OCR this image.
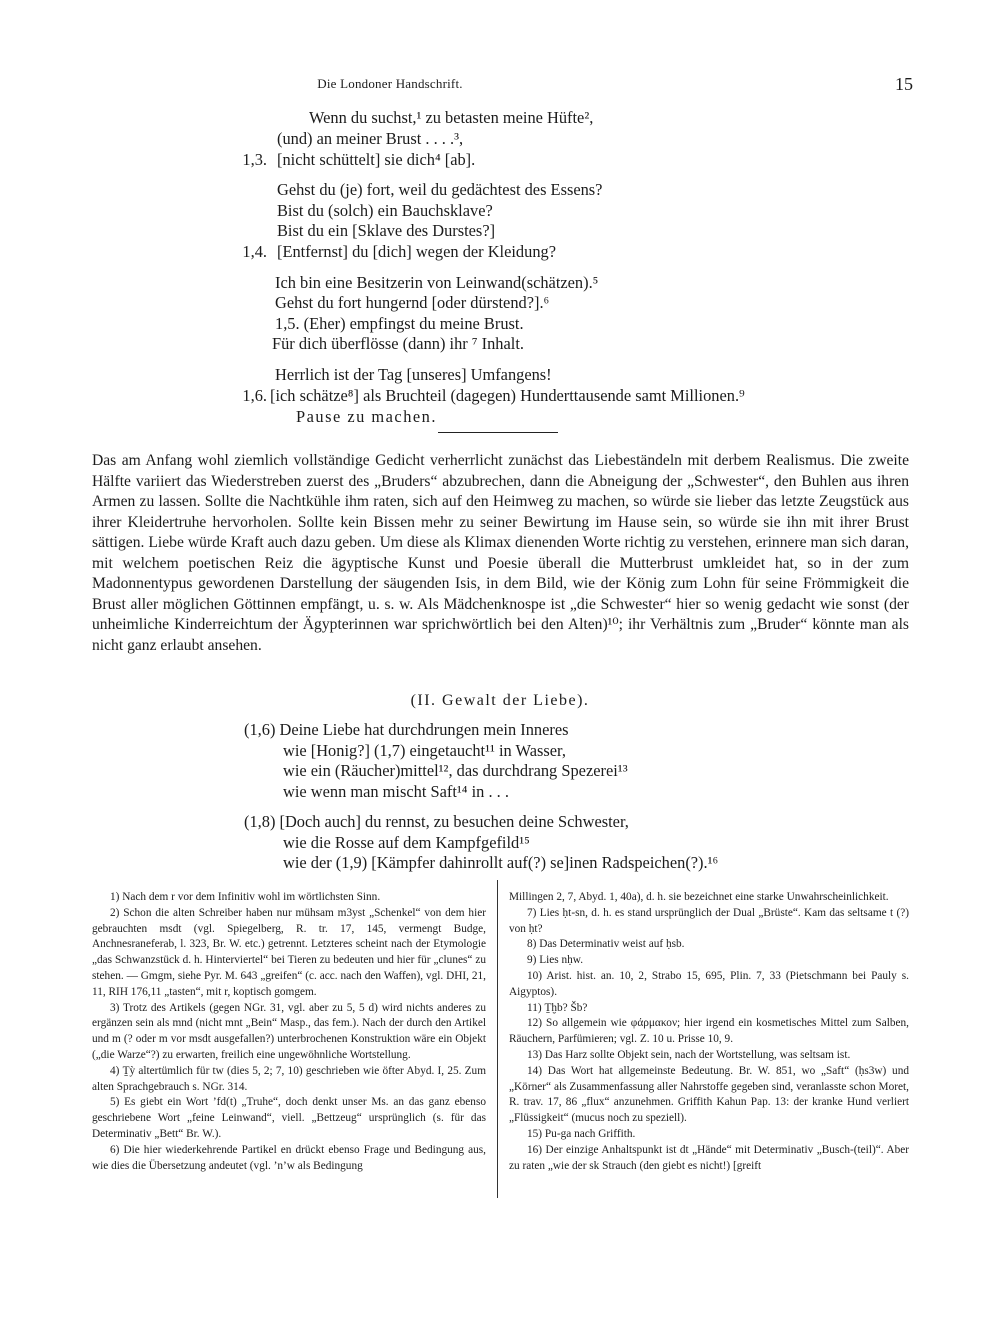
Die Londoner Handschrift.	15
Wenn du suchst,¹ zu betasten meine Hüfte²,
(und) an meiner Brust . . . .³,
1,3. [nicht schüttelt] sie dich⁴ [ab].
Gehst du (je) fort, weil du gedächtest des Essens?
Bist du (solch) ein Bauchsklave?
Bist du ein [Sklave des Durstes?]
1,4. [Entfernst] du [dich] wegen der Kleidung?
Ich bin eine Besitzerin von Leinwand(schätzen).⁵
Gehst du fort hungernd [oder dürstend?].⁶
1,5. (Eher) empfingst du meine Brust.
Für dich überflösse (dann) ihr ⁷ Inhalt.
Herrlich ist der Tag [unseres] Umfangens!
1,6. [ich schätze⁸] als Bruchteil (dagegen) Hunderttausende samt Millionen.⁹
Pause zu machen.

Das am Anfang wohl ziemlich vollständige Gedicht verherrlicht zunächst das Liebeständeln mit derbem Realismus. Die zweite Hälfte variiert das Wiederstreben zuerst des „Bruders“ abzubrechen, dann die Abneigung der „Schwester“, den Buhlen aus ihren Armen zu lassen. Sollte die Nachtkühle ihm raten, sich auf den Heimweg zu machen, so würde sie lieber das letzte Zeugstück aus ihrer Kleidertruhe hervorholen. Sollte kein Bissen mehr zu seiner Bewirtung im Hause sein, so würde sie ihn mit ihrer Brust sättigen. Liebe würde Kraft auch dazu geben. Um diese als Klimax dienenden Worte richtig zu verstehen, erinnere man sich daran, mit welchem poetischen Reiz die ägyptische Kunst und Poesie überall die Mutterbrust umkleidet hat, so in der zum Madonnentypus gewordenen Darstellung der säugenden Isis, in dem Bild, wie der König zum Lohn für seine Frömmigkeit die Brust aller möglichen Göttinnen empfängt, u. s. w. Als Mädchenknospe ist „die Schwester“ hier so wenig gedacht wie sonst (der unheimliche Kinderreichtum der Ägypterinnen war sprichwörtlich bei den Alten)¹⁰; ihr Verhältnis zum „Bruder“ könnte man als nicht ganz erlaubt ansehen.

(II. Gewalt der Liebe).
(1,6) Deine Liebe hat durchdrungen mein Inneres
wie [Honig?] (1,7) eingetaucht¹¹ in Wasser,
wie ein (Räucher)mittel¹², das durchdrang Spezerei¹³
wie wenn man mischt Saft¹⁴ in . . .
(1,8) [Doch auch] du rennst, zu besuchen deine Schwester,
wie die Rosse auf dem Kampfgefild¹⁵
wie der (1,9) [Kämpfer dahinrollt auf(?) se]inen Radspeichen(?).¹⁶

1) Nach dem r vor dem Infinitiv wohl im wörtlichsten Sinn.

2) Schon die alten Schreiber haben nur mühsam m3yst „Schenkel“ von dem hier gebrauchten msdt (vgl. Spiegelberg, R. tr. 17, 145, vermengt Budge, Anchnesraneferab, l. 323, Br. W. etc.) getrennt. Letzteres scheint nach der Etymologie „das Schwanzstück d. h. Hinterviertel“ bei Tieren zu bedeuten und hier für „clunes“ zu stehen. — Gmgm, siehe Pyr. M. 643 „greifen“ (c. acc. nach den Waffen), vgl. DHI, 21, 11, RIH 176,11 „tasten“, mit r, koptisch gomgem.

3) Trotz des Artikels (gegen NGr. 31, vgl. aber zu 5, 5 d) wird nichts anderes zu ergänzen sein als mnd (nicht mnt „Bein“ Masp., das fem.). Nach der durch den Artikel und m (? oder m vor msdt ausgefallen?) unterbrochenen Konstruktion wäre ein Objekt („die Warze“?) zu erwarten, freilich eine ungewöhnliche Wortstellung.

4) Ṯỳ altertümlich für tw (dies 5, 2; 7, 10) geschrieben wie öfter Abyd. I, 25. Zum alten Sprachgebrauch s. NGr. 314.

5) Es giebt ein Wort ’fd(t) „Truhe“, doch denkt unser Ms. an das ganz ebenso geschriebene Wort „feine Leinwand“, viell. „Bettzeug“ ursprünglich (s. für das Determinativ „Bett“ Br. W.).

6) Die hier wiederkehrende Partikel en drückt ebenso Frage und Bedingung aus, wie dies die Übersetzung andeutet (vgl. ’n’w als Bedingung

Millingen 2, 7, Abyd. 1, 40a), d. h. sie bezeichnet eine starke Unwahrscheinlichkeit.

7) Lies ḥt-sn, d. h. es stand ursprünglich der Dual „Brüste“. Kam das seltsame t (?) von ḥt?

8) Das Determinativ weist auf ḥsb.

9) Lies nḥw.

10) Arist. hist. an. 10, 2, Strabo 15, 695, Plin. 7, 33 (Pietschmann bei Pauly s. Aigyptos).

11) Ṯḫb? Šb?

12) So allgemein wie φάρμακον; hier irgend ein kosmetisches Mittel zum Salben, Räuchern, Parfümieren; vgl. Z. 10 u. Prisse 10, 9.

13) Das Harz sollte Objekt sein, nach der Wortstellung, was seltsam ist.

14) Das Wort hat allgemeinste Bedeutung. Br. W. 851, wo „Saft“ (ḥs3w) und „Körner“ als Zusammenfassung aller Nahrstoffe gegeben sind, veranlasste schon Moret, R. trav. 17, 86 „flux“ anzunehmen. Griffith Kahun Pap. 13: der kranke Hund verliert „Flüssigkeit“ (mucus noch zu speziell).

15) Pu-ga nach Griffith.

16) Der einzige Anhaltspunkt ist dt „Hände“ mit Determinativ „Busch-(teil)“. Aber zu raten „wie der sk Strauch (den giebt es nicht!) [greift
